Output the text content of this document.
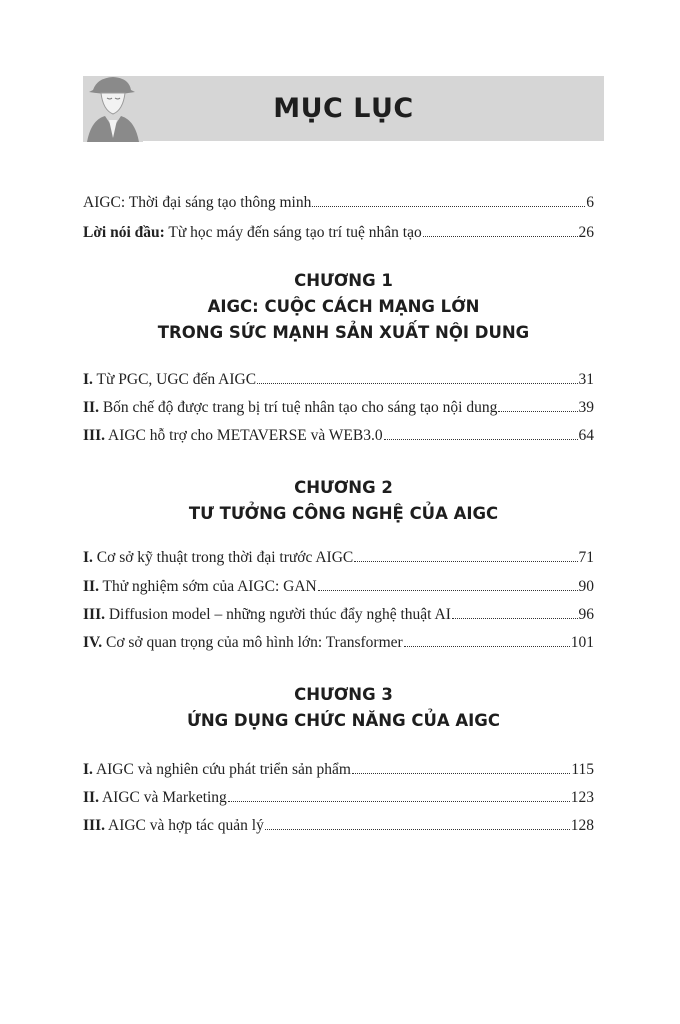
MỤC LỤC
AIGC: Thời đại sáng tạo thông minh	6
Lời nói đầu: Từ học máy đến sáng tạo trí tuệ nhân tạo	26
CHƯƠNG 1
AIGC: CUỘC CÁCH MẠNG LỚN
TRONG SỨC MẠNH SẢN XUẤT NỘI DUNG
I. Từ PGC, UGC đến AIGC	31
II. Bốn chế độ được trang bị trí tuệ nhân tạo cho sáng tạo nội dung	39
III. AIGC hỗ trợ cho METAVERSE và WEB3.0	64
CHƯƠNG 2
TƯ TƯỞNG CÔNG NGHỆ CỦA AIGC
I. Cơ sở kỹ thuật trong thời đại trước AIGC	71
II. Thử nghiệm sớm của AIGC: GAN	90
III. Diffusion model – những người thúc đẩy nghệ thuật AI	96
IV. Cơ sở quan trọng của mô hình lớn: Transformer	101
CHƯƠNG 3
ỨNG DỤNG CHỨC NĂNG CỦA AIGC
I. AIGC và nghiên cứu phát triển sản phẩm	115
II. AIGC và Marketing	123
III. AIGC và hợp tác quản lý	128
